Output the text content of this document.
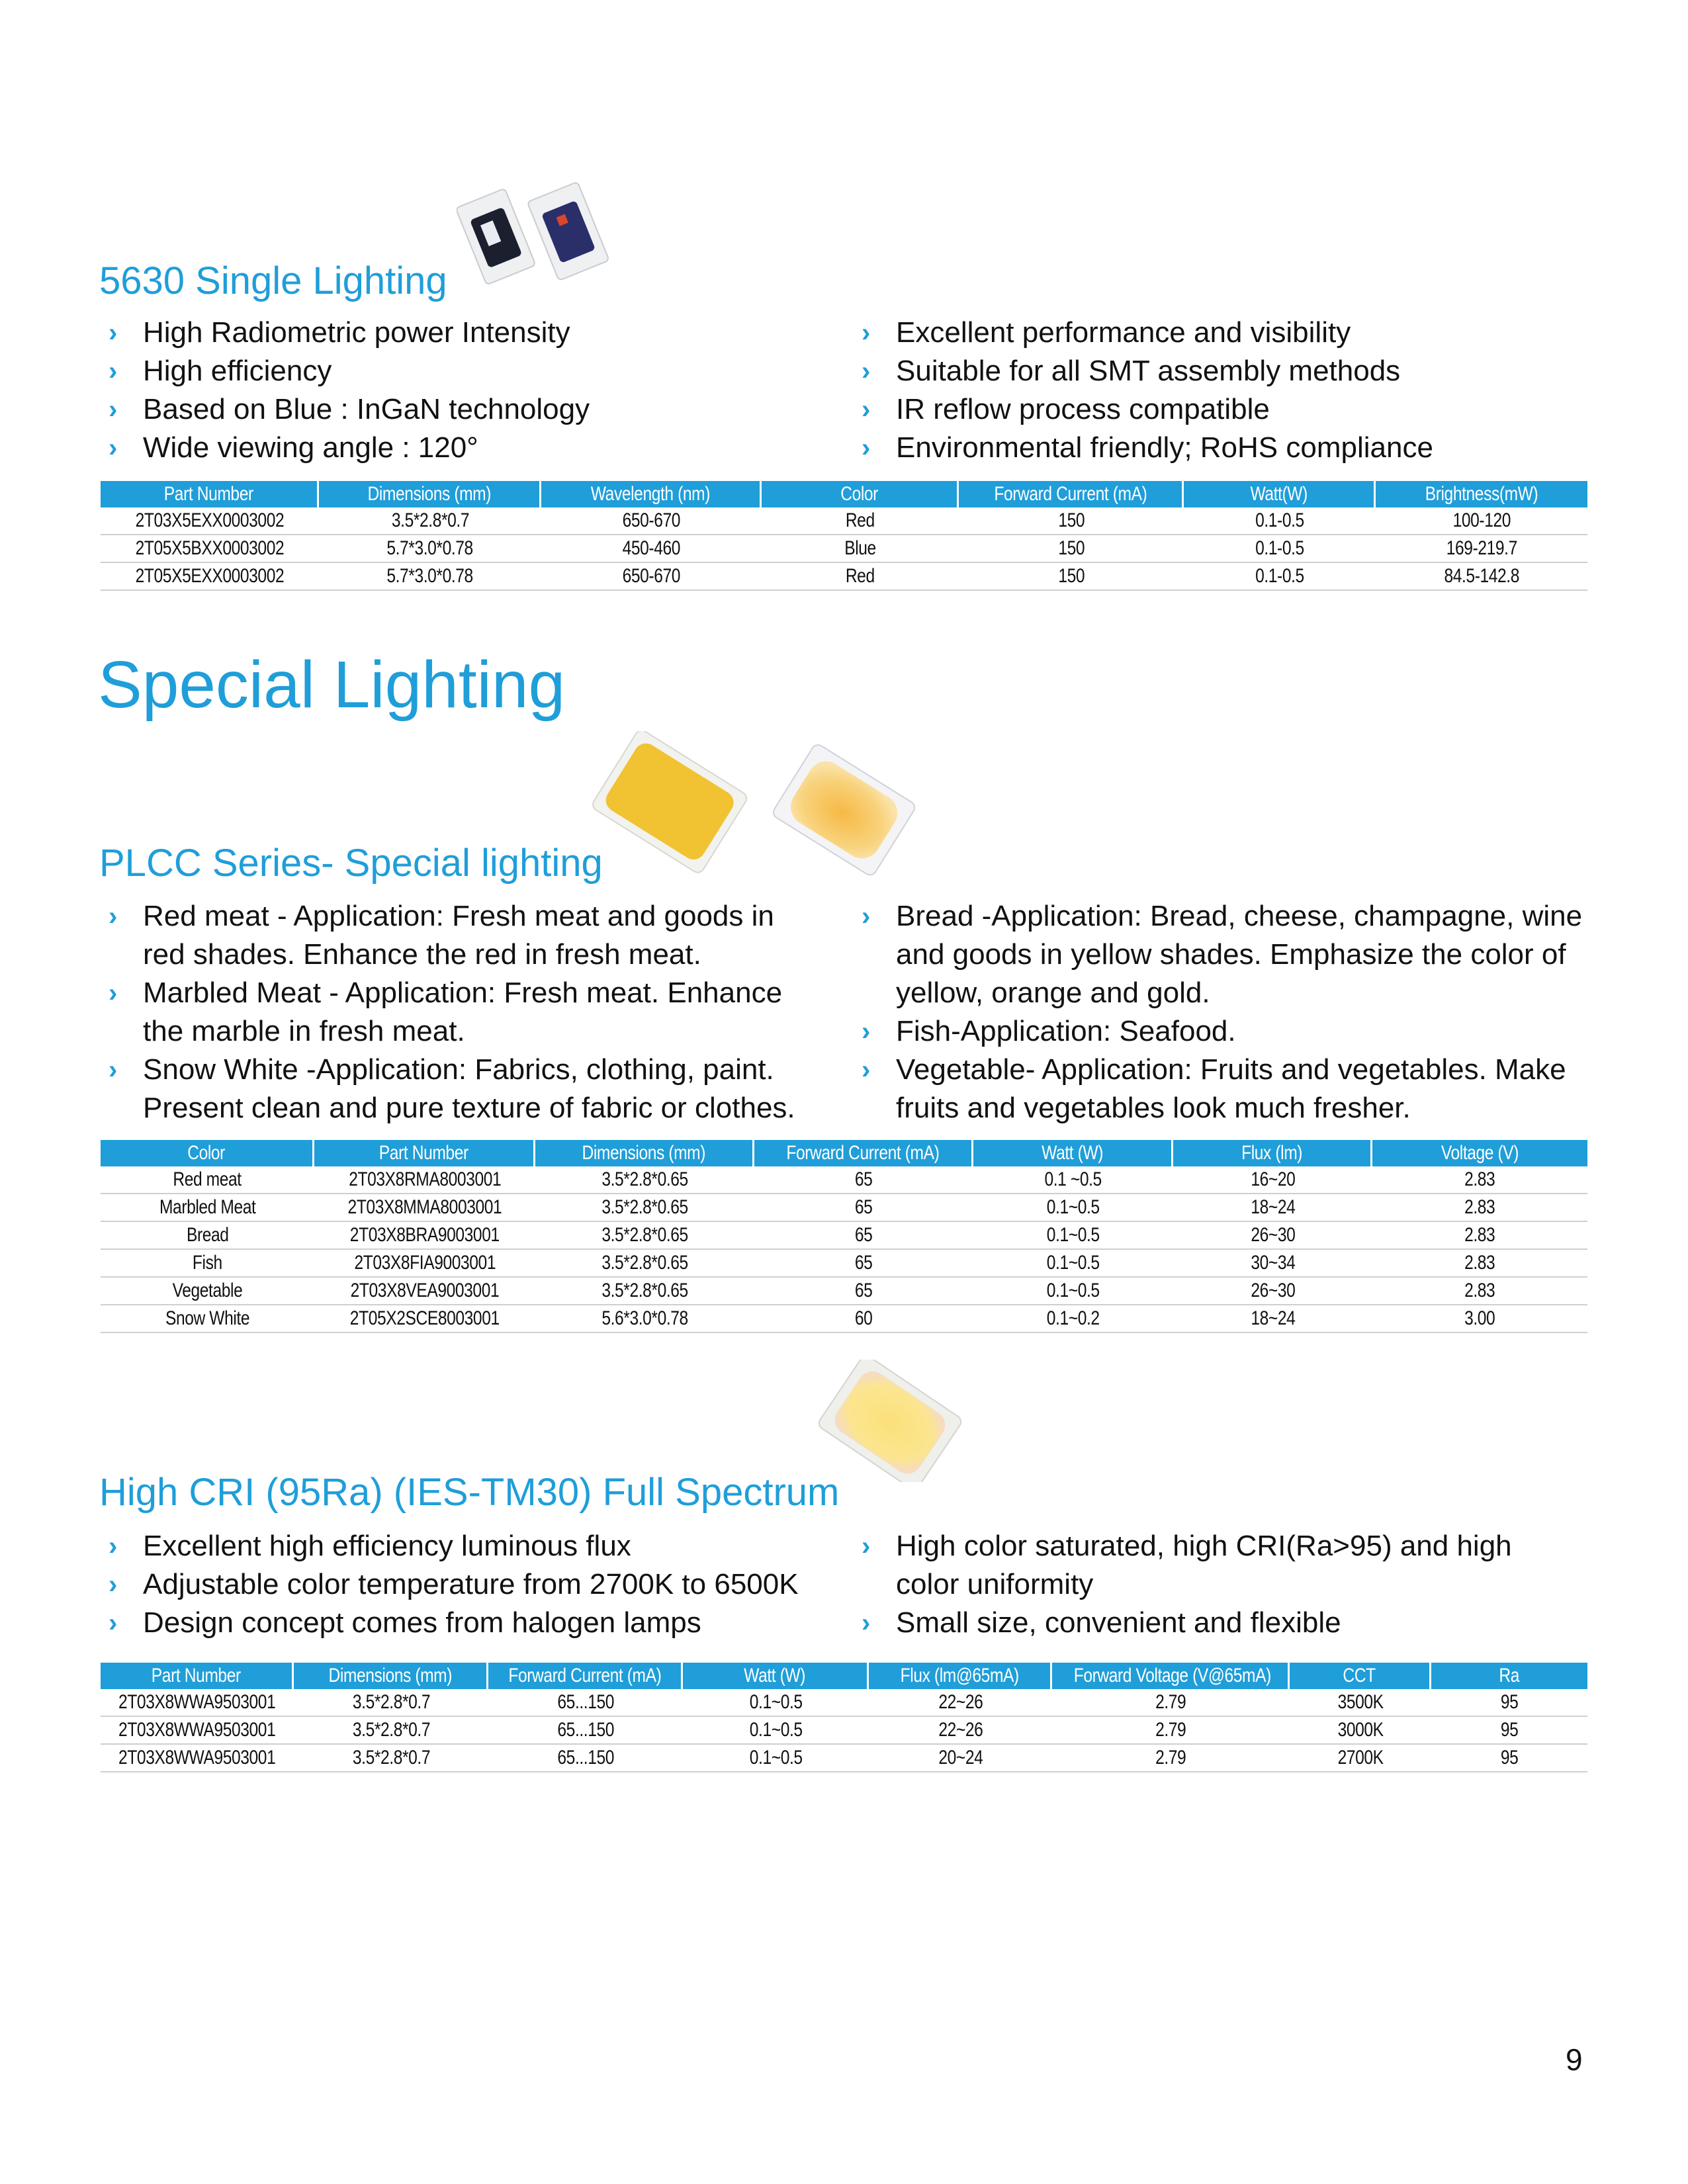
5630 Single Lighting
› High Radiometric power Intensity
› High efficiency
› Based on Blue : InGaN technology
› Wide viewing angle : 120°
› Excellent performance and visibility
› Suitable for all SMT assembly methods
› IR reflow process compatible
› Environmental friendly; RoHS compliance
Part Number	Dimensions (mm)	Wavelength (nm)	Color	Forward Current (mA)	Watt(W)	Brightness(mW)
2T03X5EXX0003002	3.5*2.8*0.7	650-670	Red	150	0.1-0.5	100-120
2T05X5BXX0003002	5.7*3.0*0.78	450-460	Blue	150	0.1-0.5	169-219.7
2T05X5EXX0003002	5.7*3.0*0.78	650-670	Red	150	0.1-0.5	84.5-142.8
Special Lighting
PLCC Series- Special lighting
› Red meat - Application: Fresh meat and goods in
red shades. Enhance the red in fresh meat.
› Marbled Meat - Application: Fresh meat. Enhance
the marble in fresh meat.
› Snow White -Application: Fabrics, clothing, paint.
Present clean and pure texture of fabric or clothes.
› Bread -Application: Bread, cheese, champagne, wine
and goods in yellow shades. Emphasize the color of
yellow, orange and gold.
› Fish-Application: Seafood.
› Vegetable- Application: Fruits and vegetables. Make
fruits and vegetables look much fresher.
Color	Part Number	Dimensions (mm)	Forward Current (mA)	Watt (W)	Flux (lm)	Voltage (V)
Red meat	2T03X8RMA8003001	3.5*2.8*0.65	65	0.1 ~0.5	16~20	2.83
Marbled Meat	2T03X8MMA8003001	3.5*2.8*0.65	65	0.1~0.5	18~24	2.83
Bread	2T03X8BRA9003001	3.5*2.8*0.65	65	0.1~0.5	26~30	2.83
Fish	2T03X8FIA9003001	3.5*2.8*0.65	65	0.1~0.5	30~34	2.83
Vegetable	2T03X8VEA9003001	3.5*2.8*0.65	65	0.1~0.5	26~30	2.83
Snow White	2T05X2SCE8003001	5.6*3.0*0.78	60	0.1~0.2	18~24	3.00
High CRI (95Ra) (IES-TM30) Full Spectrum
› Excellent high efficiency luminous flux
› Adjustable color temperature from 2700K to 6500K
› Design concept comes from halogen lamps
› High color saturated, high CRI(Ra>95) and high
color uniformity
› Small size, convenient and flexible
Part Number	Dimensions (mm)	Forward Current (mA)	Watt (W)	Flux (lm@65mA)	Forward Voltage (V@65mA)	CCT	Ra
2T03X8WWA9503001	3.5*2.8*0.7	65...150	0.1~0.5	22~26	2.79	3500K	95
2T03X8WWA9503001	3.5*2.8*0.7	65...150	0.1~0.5	22~26	2.79	3000K	95
2T03X8WWA9503001	3.5*2.8*0.7	65...150	0.1~0.5	20~24	2.79	2700K	95
9
